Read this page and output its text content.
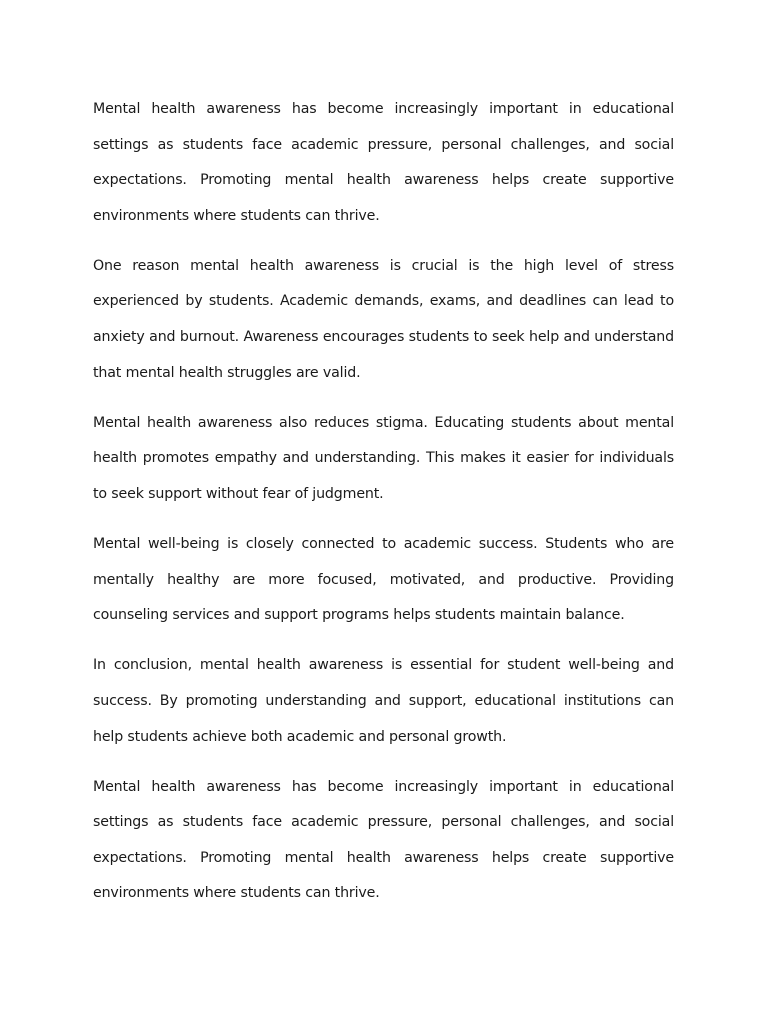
Mental health awareness has become increasingly important in educational settings as students face academic pressure, personal challenges, and social expectations. Promoting mental health awareness helps create supportive environments where students can thrive.

One reason mental health awareness is crucial is the high level of stress experienced by students. Academic demands, exams, and deadlines can lead to anxiety and burnout. Awareness encourages students to seek help and understand that mental health struggles are valid.

Mental health awareness also reduces stigma. Educating students about mental health promotes empathy and understanding. This makes it easier for individuals to seek support without fear of judgment.

Mental well-being is closely connected to academic success. Students who are mentally healthy are more focused, motivated, and productive. Providing counseling services and support programs helps students maintain balance.

In conclusion, mental health awareness is essential for student well-being and success. By promoting understanding and support, educational institutions can help students achieve both academic and personal growth.

Mental health awareness has become increasingly important in educational settings as students face academic pressure, personal challenges, and social expectations. Promoting mental health awareness helps create supportive environments where students can thrive.
